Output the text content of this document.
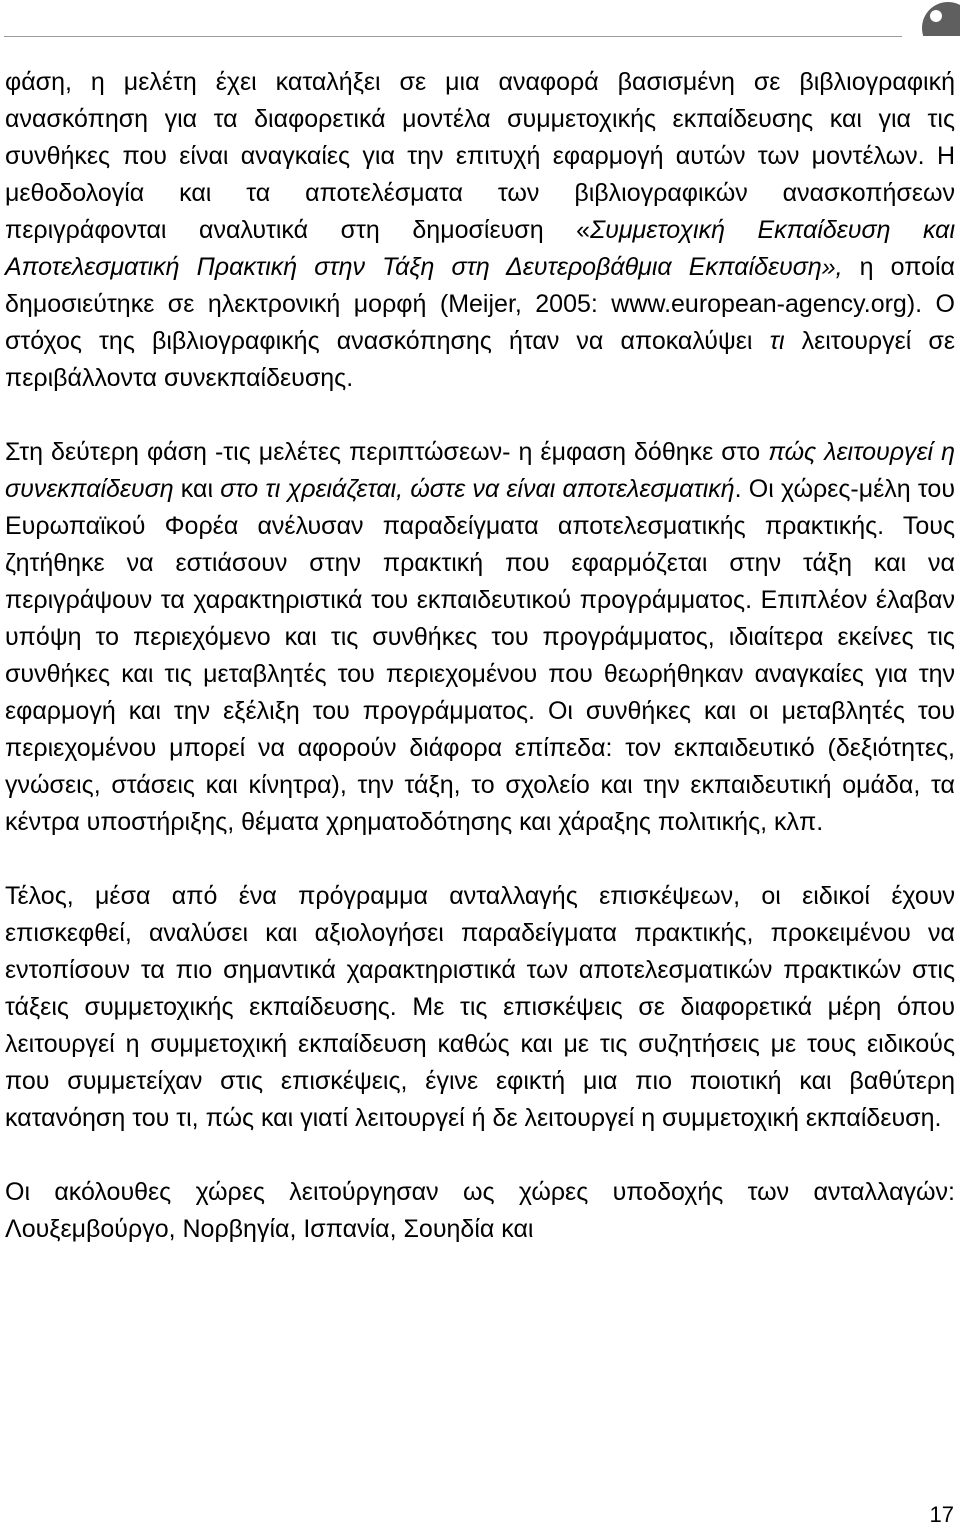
φάση, η μελέτη έχει καταλήξει σε μια αναφορά βασισμένη σε βιβλιογραφική ανασκόπηση για τα διαφορετικά μοντέλα συμμετοχικής εκπαίδευσης και για τις συνθήκες που είναι αναγκαίες για την επιτυχή εφαρμογή αυτών των μοντέλων. Η μεθοδολογία και τα αποτελέσματα των βιβλιογραφικών ανασκοπήσεων περιγράφονται αναλυτικά στη δημοσίευση «Συμμετοχική Εκπαίδευση και Αποτελεσματική Πρακτική στην Τάξη στη Δευτεροβάθμια Εκπαίδευση», η οποία δημοσιεύτηκε σε ηλεκτρονική μορφή (Meijer, 2005: www.european-agency.org). Ο στόχος της βιβλιογραφικής ανασκόπησης ήταν να αποκαλύψει τι λειτουργεί σε περιβάλλοντα συνεκπαίδευσης.

Στη δεύτερη φάση -τις μελέτες περιπτώσεων- η έμφαση δόθηκε στο πώς λειτουργεί η συνεκπαίδευση και στο τι χρειάζεται, ώστε να είναι αποτελεσματική. Οι χώρες-μέλη του Ευρωπαϊκού Φορέα ανέλυσαν παραδείγματα αποτελεσματικής πρακτικής. Τους ζητήθηκε να εστιάσουν στην πρακτική που εφαρμόζεται στην τάξη και να περιγράψουν τα χαρακτηριστικά του εκπαιδευτικού προγράμματος. Επιπλέον έλαβαν υπόψη το περιεχόμενο και τις συνθήκες του προγράμματος, ιδιαίτερα εκείνες τις συνθήκες και τις μεταβλητές του περιεχομένου που θεωρήθηκαν αναγκαίες για την εφαρμογή και την εξέλιξη του προγράμματος. Οι συνθήκες και οι μεταβλητές του περιεχομένου μπορεί να αφορούν διάφορα επίπεδα: τον εκπαιδευτικό (δεξιότητες, γνώσεις, στάσεις και κίνητρα), την τάξη, το σχολείο και την εκπαιδευτική ομάδα, τα κέντρα υποστήριξης, θέματα χρηματοδότησης και χάραξης πολιτικής, κλπ.

Τέλος, μέσα από ένα πρόγραμμα ανταλλαγής επισκέψεων, οι ειδικοί έχουν επισκεφθεί, αναλύσει και αξιολογήσει παραδείγματα πρακτικής, προκειμένου να εντοπίσουν τα πιο σημαντικά χαρακτηριστικά των αποτελεσματικών πρακτικών στις τάξεις συμμετοχικής εκπαίδευσης. Με τις επισκέψεις σε διαφορετικά μέρη όπου λειτουργεί η συμμετοχική εκπαίδευση καθώς και με τις συζητήσεις με τους ειδικούς που συμμετείχαν στις επισκέψεις, έγινε εφικτή μια πιο ποιοτική και βαθύτερη κατανόηση του τι, πώς και γιατί λειτουργεί ή δε λειτουργεί η συμμετοχική εκπαίδευση.

Οι ακόλουθες χώρες λειτούργησαν ως χώρες υποδοχής των ανταλλαγών: Λουξεμβούργο, Νορβηγία, Ισπανία, Σουηδία και

17
